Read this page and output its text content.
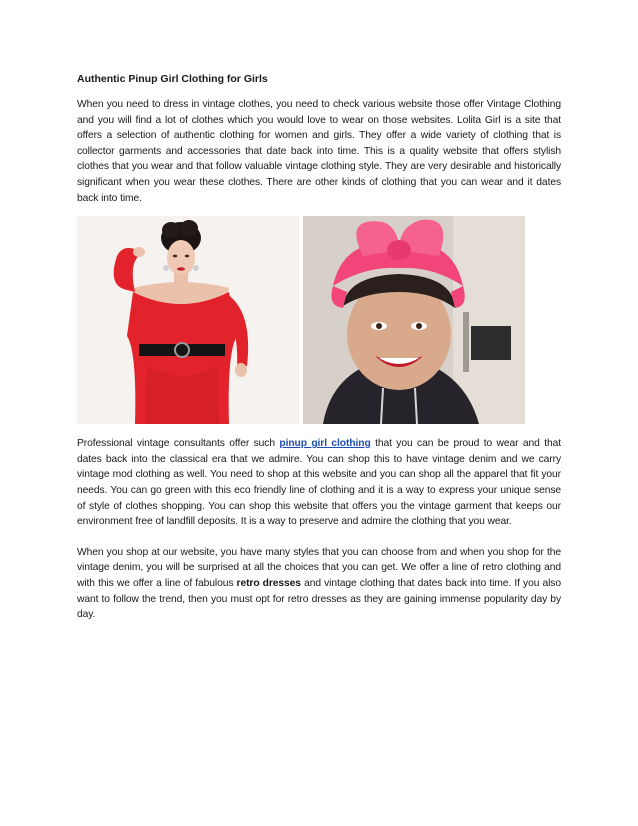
Authentic Pinup Girl Clothing for Girls

When you need to dress in vintage clothes, you need to check various website those offer Vintage Clothing and you will find a lot of clothes which you would love to wear on those websites. Lolita Girl is a site that offers a selection of authentic clothing for women and girls. They offer a wide variety of clothing that is collector garments and accessories that date back into time. This is a quality website that offers stylish clothes that you wear and that follow valuable vintage clothing style. They are very desirable and historically significant when you wear these clothes. There are other kinds of clothing that you can wear and it dates back into time.

Professional vintage consultants offer such pinup girl clothing that you can be proud to wear and that dates back into the classical era that we admire. You can shop this to have vintage denim and we carry vintage mod clothing as well. You need to shop at this website and you can shop all the apparel that fit your needs. You can go green with this eco friendly line of clothing and it is a way to express your unique sense of style of clothes shopping. You can shop this website that offers you the vintage garment that keeps our environment free of landfill deposits. It is a way to preserve and admire the clothing that you wear.

When you shop at our website, you have many styles that you can choose from and when you shop for the vintage denim, you will be surprised at all the choices that you can get. We offer a line of retro clothing and with this we offer a line of fabulous retro dresses and vintage clothing that dates back into time. If you also want to follow the trend, then you must opt for retro dresses as they are gaining immense popularity day by day.
